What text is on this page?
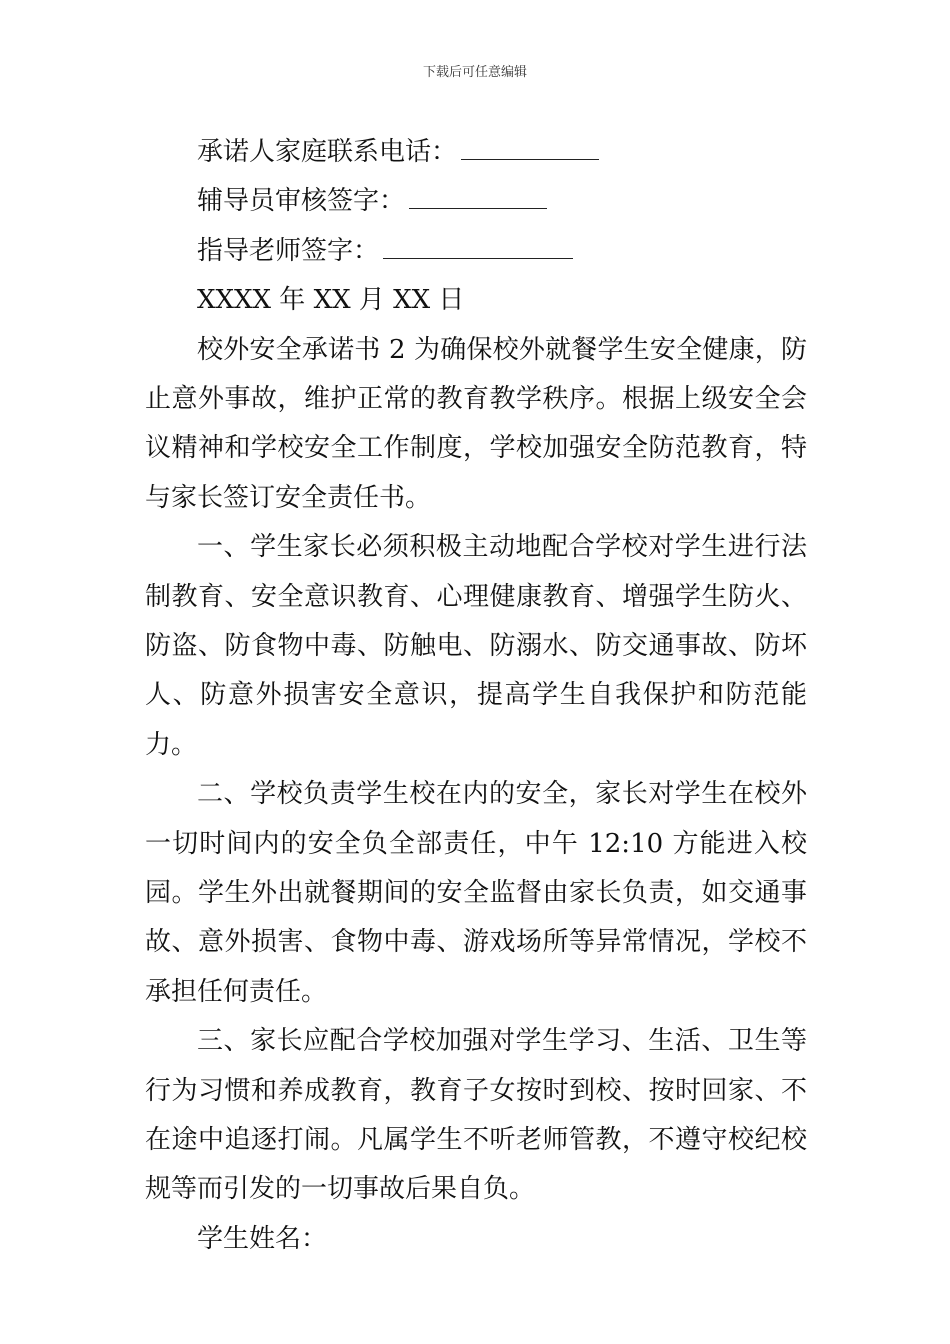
下载后可任意编辑
承诺人家庭联系电话：
辅导员审核签字：
指导老师签字：
XXXX 年 XX 月 XX 日

校外安全承诺书 2 为确保校外就餐学生安全健康，防止意外事故，维护正常的教育教学秩序。根据上级安全会议精神和学校安全工作制度，学校加强安全防范教育，特与家长签订安全责任书。

一、学生家长必须积极主动地配合学校对学生进行法制教育、安全意识教育、心理健康教育、增强学生防火、防盗、防食物中毒、防触电、防溺水、防交通事故、防坏人、防意外损害安全意识，提高学生自我保护和防范能力。

二、学校负责学生校在内的安全，家长对学生在校外一切时间内的安全负全部责任，中午 12:10 方能进入校园。学生外出就餐期间的安全监督由家长负责，如交通事故、意外损害、食物中毒、游戏场所等异常情况，学校不承担任何责任。

三、家长应配合学校加强对学生学习、生活、卫生等行为习惯和养成教育，教育子女按时到校、按时回家、不在途中追逐打闹。凡属学生不听老师管教，不遵守校纪校规等而引发的一切事故后果自负。

学生姓名：
